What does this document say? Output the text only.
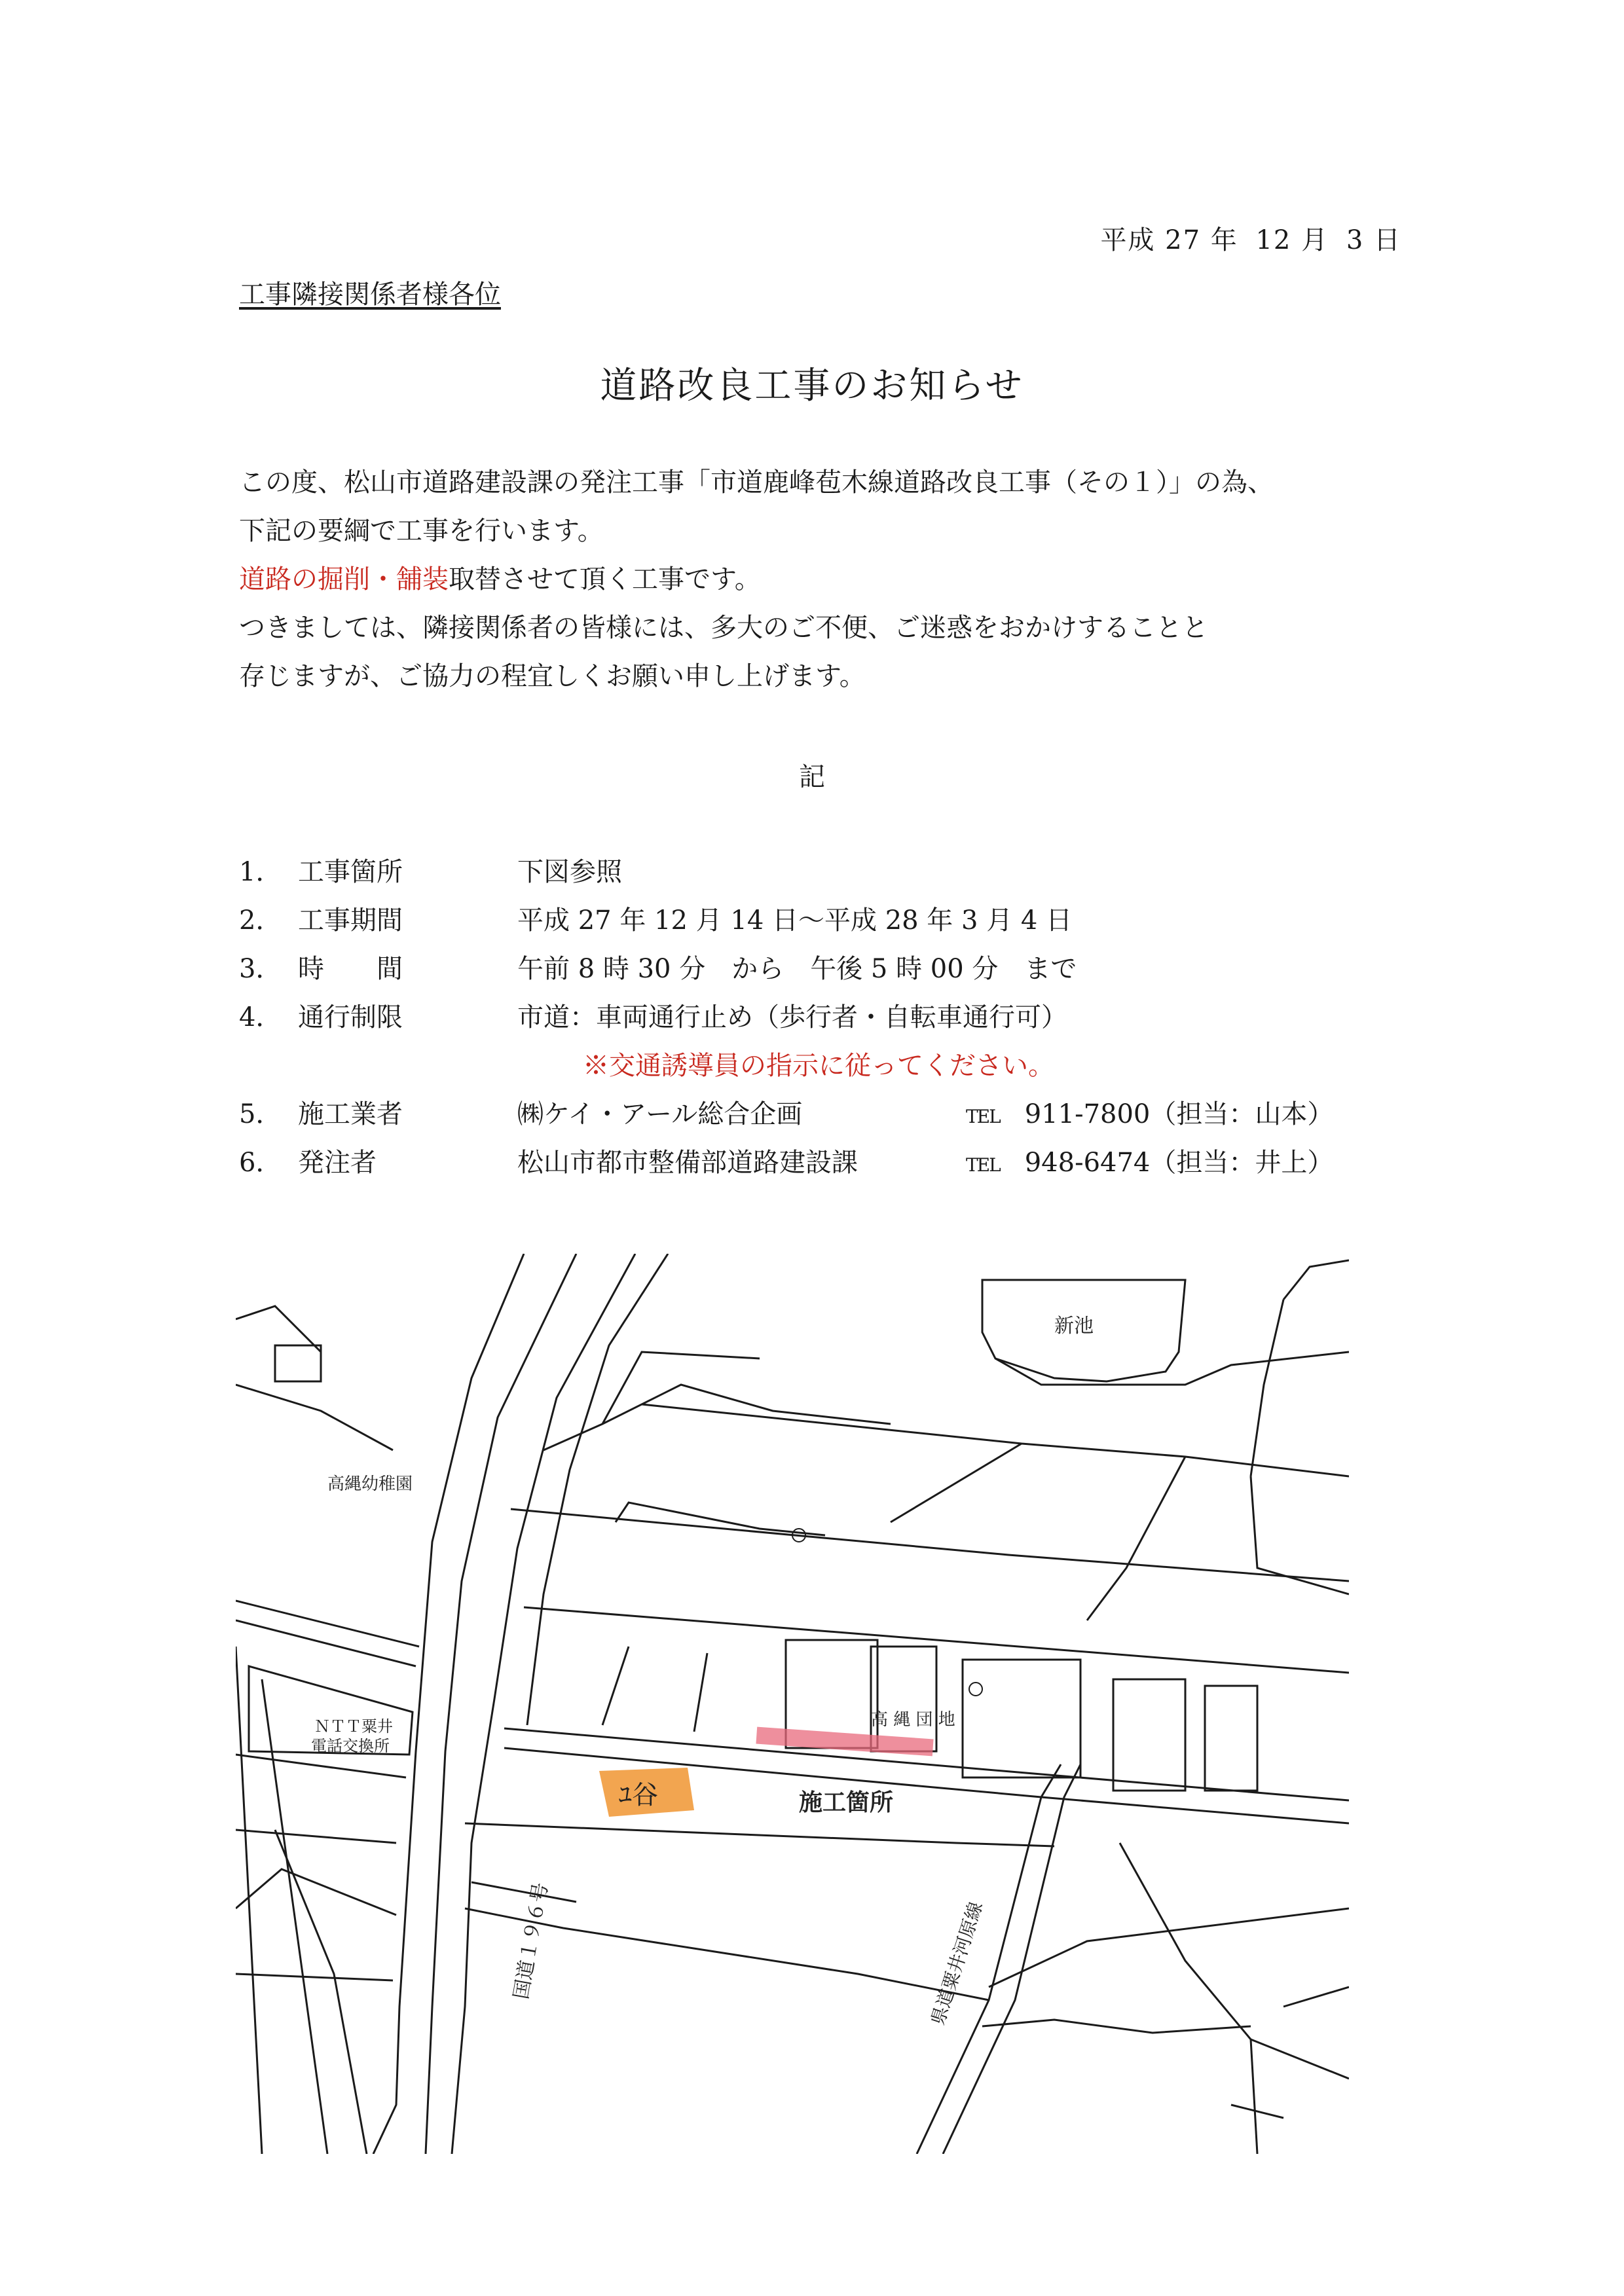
平成 27 年 12 月 3 日
工事隣接関係者様各位
道路改良工事のお知らせ

この度、松山市道路建設課の発注工事「市道鹿峰苞木線道路改良工事（その１）」の為、

下記の要綱で工事を行います。

道路の掘削・舗装取替させて頂く工事です。

つきましては、隣接関係者の皆様には、多大のご不便、ご迷惑をおかけすることと

存じますが、ご協力の程宜しくお願い申し上げます。

記
1． 工事箇所	下図参照
2． 工事期間	平成 27 年 12 月 14 日～平成 28 年 3 月 4 日
3． 時　　間	午前 8 時 30 分　から　午後 5 時 00 分　まで
4． 通行制限	市道：車両通行止め（歩行者・自転車通行可）
※交通誘導員の指示に従ってください。
5． 施工業者	㈱ケイ・アール総合企画	TEL 911-7800（担当：山本）
6． 発注者	松山市都市整備部道路建設課	TEL 948-6474（担当：井上）
ﾕ谷
新池
高縄幼稚園
ＮＴＴ粟井
電話交換所
高 縄 団 地
施工箇所
国道１９６号	県道粟井河原線
